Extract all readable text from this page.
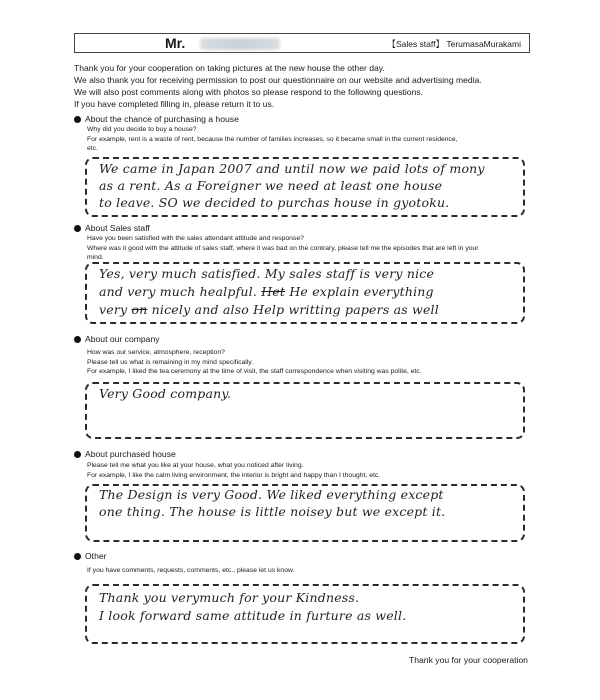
Mr.	【Sales staff】 TerumasaMurakami
Thank you for your cooperation on taking pictures at the new house the other day.
We also thank you for receiving permission to post our questionnaire on our website and advertising media.
We will also post comments along with photos so please respond to the following questions.
If you have completed filling in, please return it to us.
About the chance of purchasing a house
Why did you decide to buy a house?
For example, rent is a waste of rent, because the number of families increases, so it became small in the current residence,
etc.
We came in Japan 2007 and until now we paid lots of mony
as a rent. As a Foreigner we need at least one house
to leave. SO we decided to purchas house in gyotoku.
About Sales staff
Have you been satisfied with the sales attendant attitude and response?
Where was it good with the attitude of sales staff, where it was bad on the contrary, please tell me the episodes that are left in your
mind.
Yes, very much satisfied. My sales staff is very nice
and very much healpful. Het He explain everything
very on nicely and also Help writting papers as well
About our company
How was our service, atmosphere, reception?
Please tell us what is remaining in my mind specifically.
For example, I liked the tea ceremony at the time of visit, the staff correspondence when visiting was polite, etc.
Very Good company.
About purchased house
Please tell me what you like at your house, what you noticed after living.
For example, I like the calm living environment, the interior is bright and happy than I thought, etc.
The Design is very Good. We liked everything except
one thing. The house is little noisey but we except it.
Other
If you have comments, requests, comments, etc., please let us know.
Thank you verymuch for your Kindness.
I look forward same attitude in furture as well.
Thank you for your cooperation
